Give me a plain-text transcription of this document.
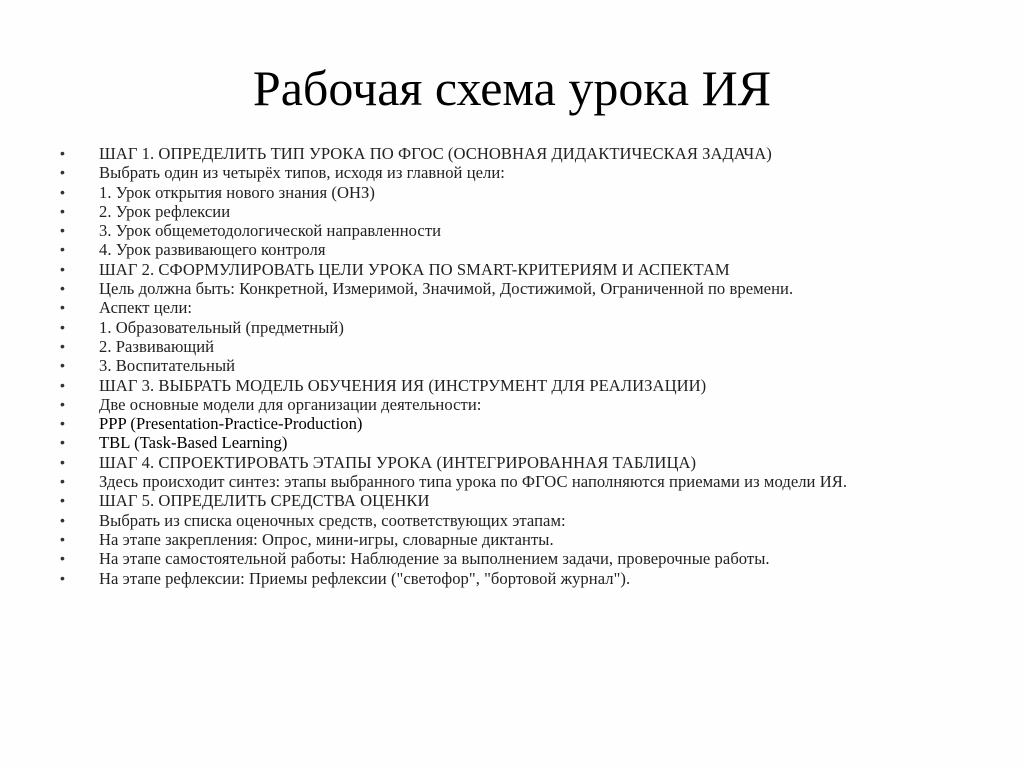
Рабочая схема урока ИЯ
•	ШАГ 1. ОПРЕДЕЛИТЬ ТИП УРОКА ПО ФГОС (ОСНОВНАЯ ДИДАКТИЧЕСКАЯ ЗАДАЧА)
•	Выбрать один из четырёх типов, исходя из главной цели:
•	1. Урок открытия нового знания (ОНЗ)
•	2. Урок рефлексии
•	3. Урок общеметодологической направленности
•	4. Урок развивающего контроля
•	ШАГ 2. СФОРМУЛИРОВАТЬ ЦЕЛИ УРОКА ПО SMART-КРИТЕРИЯМ И АСПЕКТАМ
•	Цель должна быть: Конкретной, Измеримой, Значимой, Достижимой, Ограниченной по времени.
•	Аспект цели:
•	1. Образовательный (предметный)
•	2. Развивающий
•	3. Воспитательный
•	ШАГ 3. ВЫБРАТЬ МОДЕЛЬ ОБУЧЕНИЯ ИЯ (ИНСТРУМЕНТ ДЛЯ РЕАЛИЗАЦИИ)
•	Две основные модели для организации деятельности:
•	PPP (Presentation-Practice-Production)
•	TBL (Task-Based Learning)
•	ШАГ 4. СПРОЕКТИРОВАТЬ ЭТАПЫ УРОКА (ИНТЕГРИРОВАННАЯ ТАБЛИЦА)
•	Здесь происходит синтез: этапы выбранного типа урока по ФГОС наполняются приемами из модели ИЯ.
•	ШАГ 5. ОПРЕДЕЛИТЬ СРЕДСТВА ОЦЕНКИ
•	Выбрать из списка оценочных средств, соответствующих этапам:
•	На этапе закрепления: Опрос, мини-игры, словарные диктанты.
•	На этапе самостоятельной работы: Наблюдение за выполнением задачи, проверочные работы.
•	На этапе рефлексии: Приемы рефлексии ("светофор", "бортовой журнал").
